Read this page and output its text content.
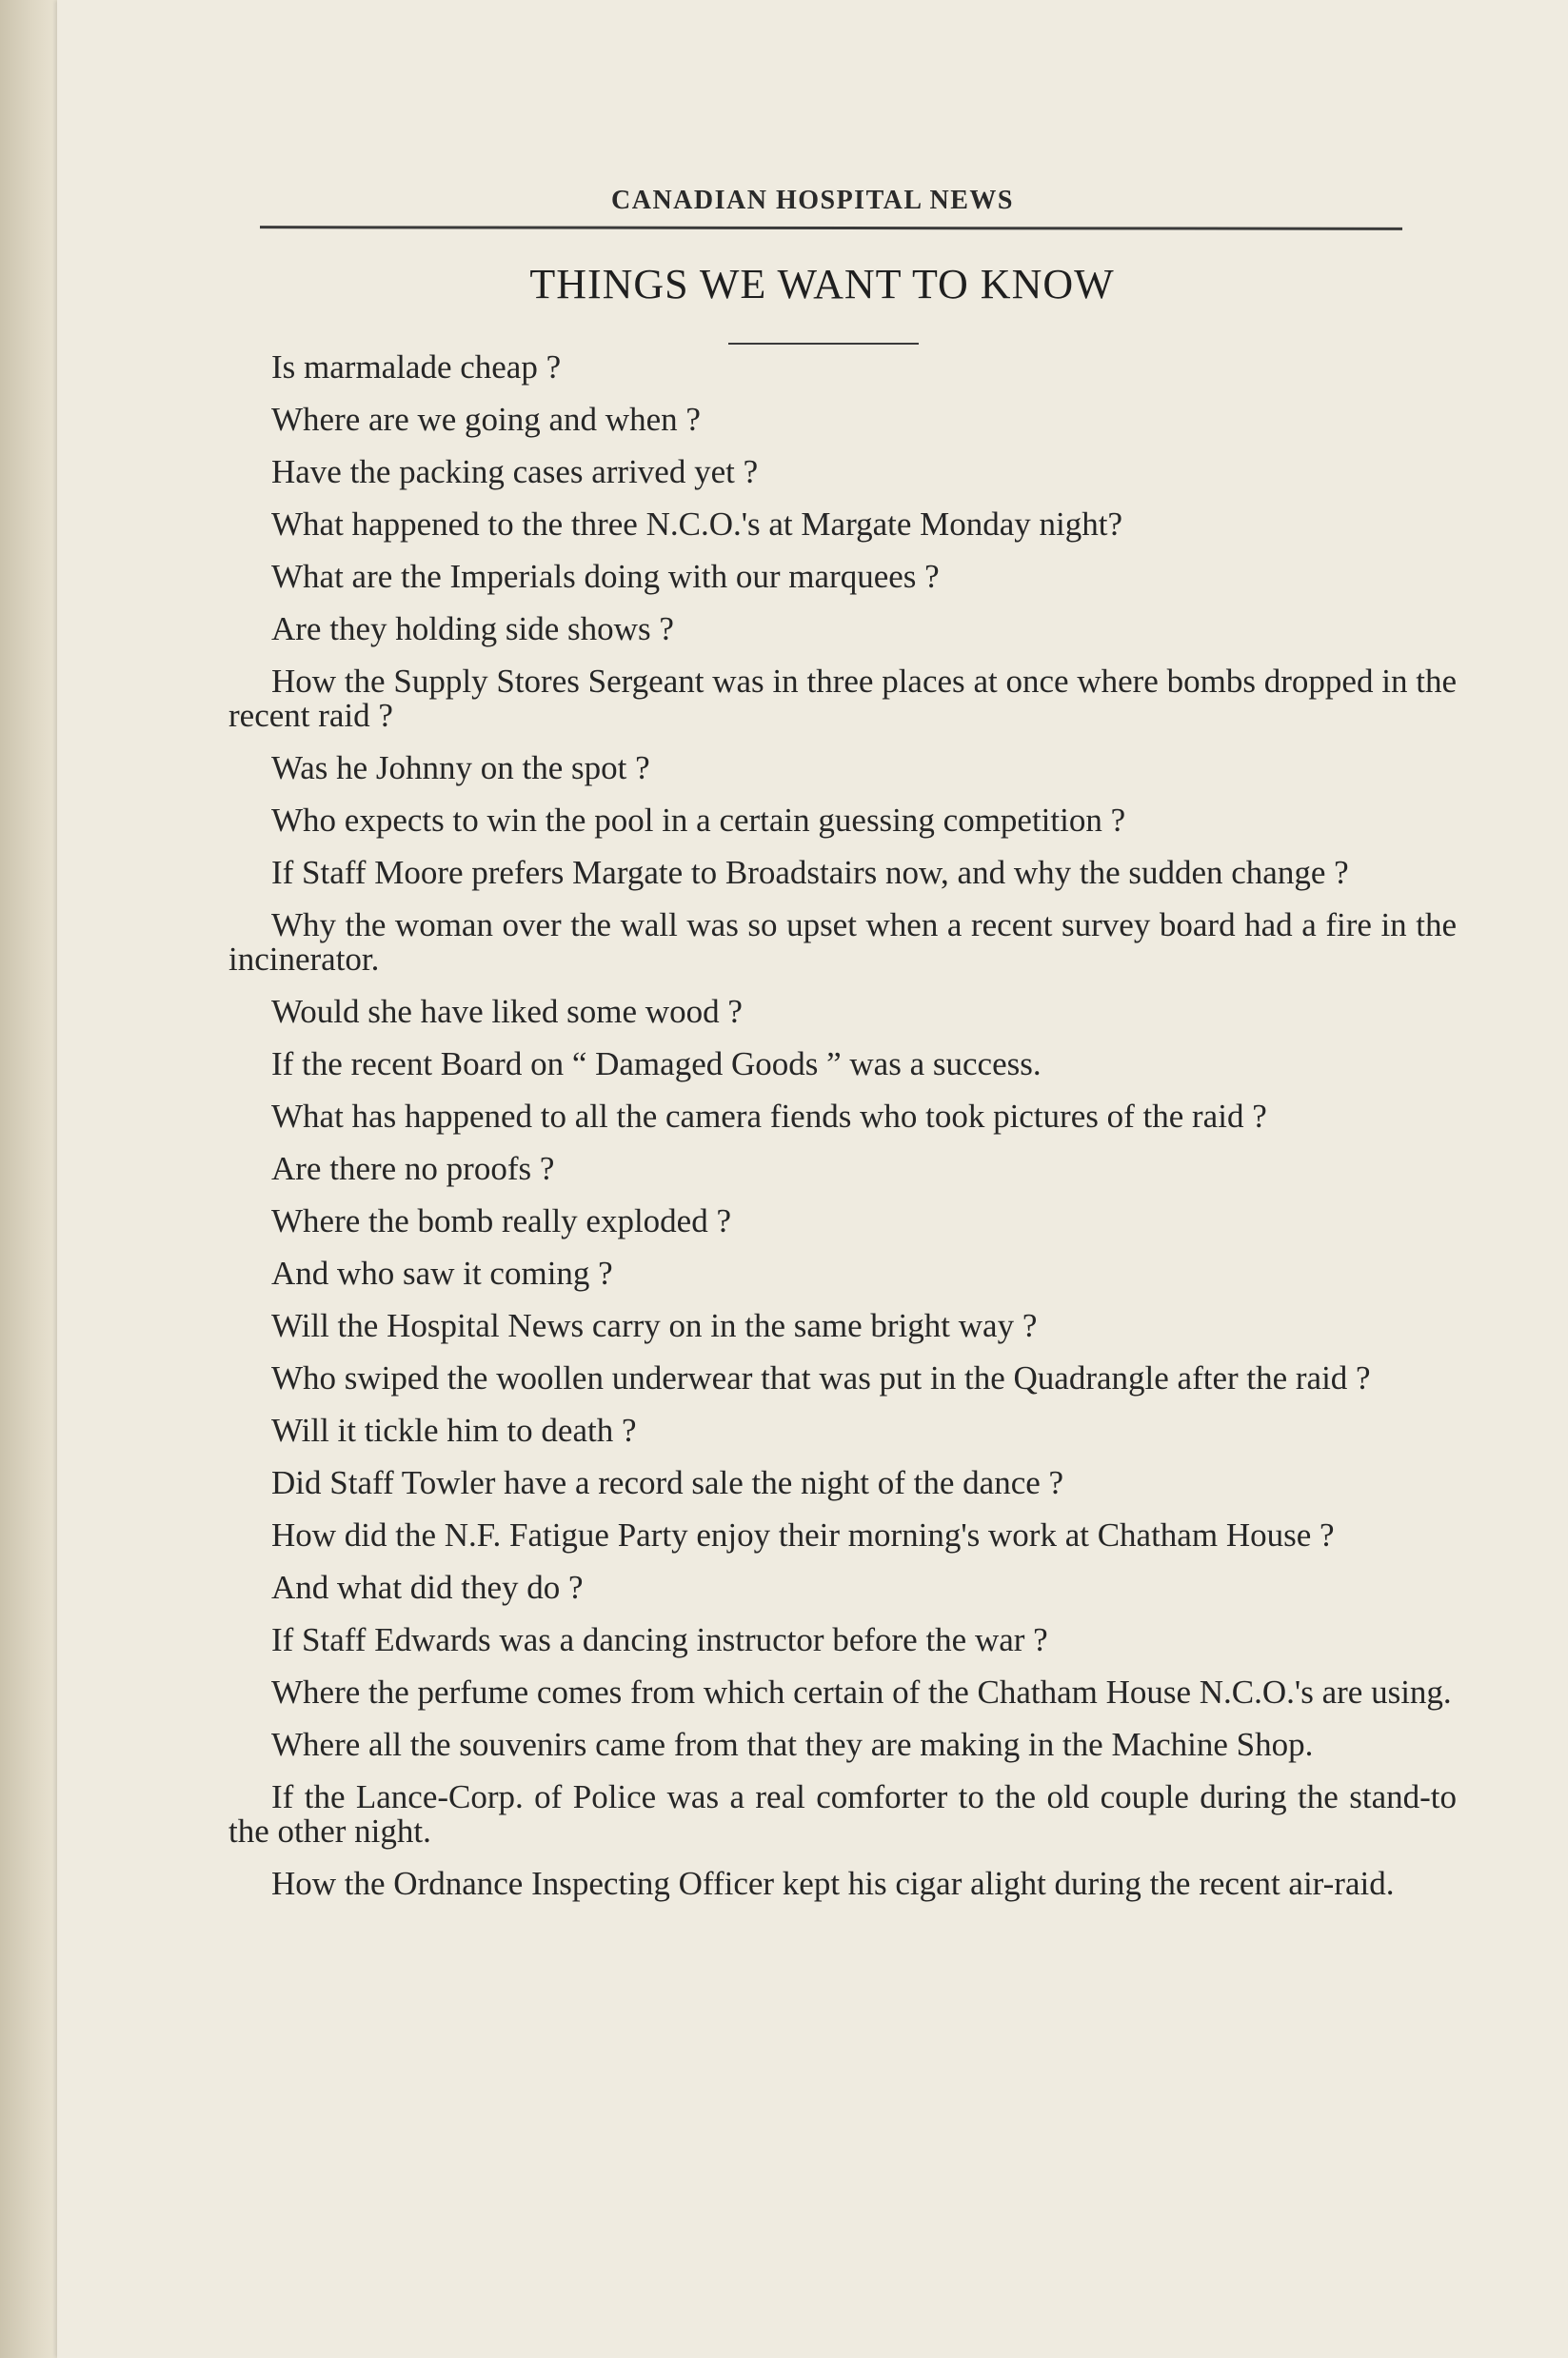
CANADIAN HOSPITAL NEWS
THINGS WE WANT TO KNOW

Is marmalade cheap ?

Where are we going and when ?

Have the packing cases arrived yet ?

What happened to the three N.C.O.'s at Margate Monday night?

What are the Imperials doing with our marquees ?

Are they holding side shows ?

How the Supply Stores Sergeant was in three places at once where bombs dropped in the recent raid ?

Was he Johnny on the spot ?

Who expects to win the pool in a certain guessing competition ?

If Staff Moore prefers Margate to Broadstairs now, and why the sudden change ?

Why the woman over the wall was so upset when a recent survey board had a fire in the incinerator.

Would she have liked some wood ?

If the recent Board on “ Damaged Goods ” was a success.

What has happened to all the camera fiends who took pictures of the raid ?

Are there no proofs ?

Where the bomb really exploded ?

And who saw it coming ?

Will the Hospital News carry on in the same bright way ?

Who swiped the woollen underwear that was put in the Quadrangle after the raid ?

Will it tickle him to death ?

Did Staff Towler have a record sale the night of the dance ?

How did the N.F. Fatigue Party enjoy their morning's work at Chatham House ?

And what did they do ?

If Staff Edwards was a dancing instructor before the war ?

Where the perfume comes from which certain of the Chatham House N.C.O.'s are using.

Where all the souvenirs came from that they are making in the Machine Shop.

If the Lance-Corp. of Police was a real comforter to the old couple during the stand-to the other night.

How the Ordnance Inspecting Officer kept his cigar alight during the recent air-raid.
